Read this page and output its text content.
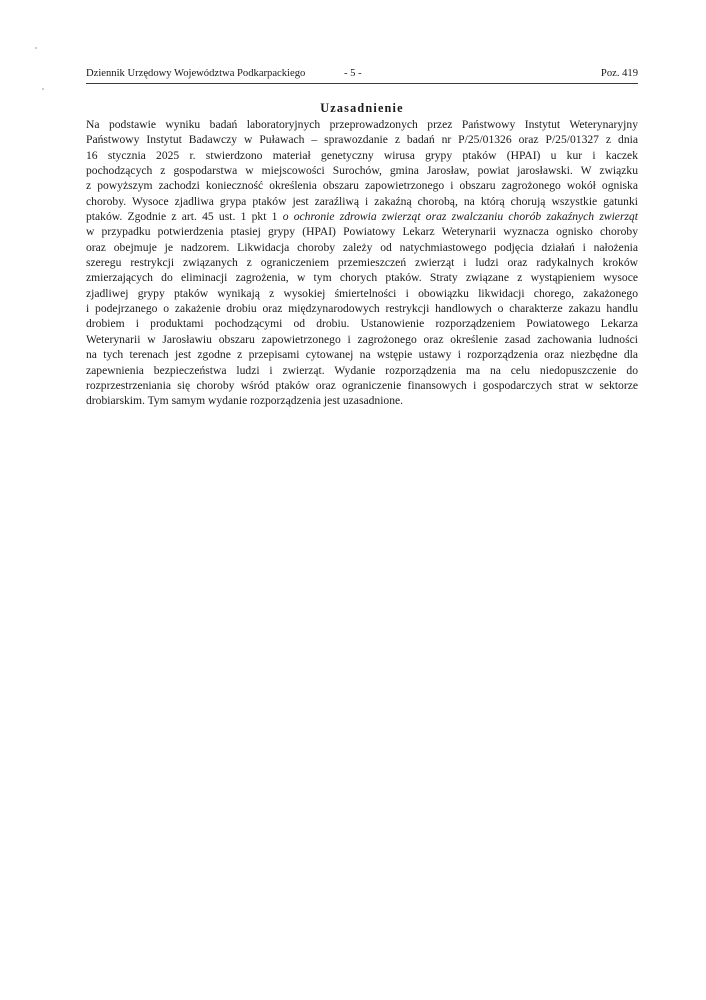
Dziennik Urzędowy Województwa Podkarpackiego	- 5 -	Poz. 419
Uzasadnienie
Na podstawie wyniku badań laboratoryjnych przeprowadzonych przez Państwowy Instytut Weterynaryjny
Państwowy Instytut Badawczy w Puławach – sprawozdanie z badań nr P/25/01326 oraz P/25/01327 z dnia
16 stycznia 2025 r. stwierdzono materiał genetyczny wirusa grypy ptaków (HPAI) u kur i kaczek
pochodzących z gospodarstwa w miejscowości Surochów, gmina Jarosław, powiat jarosławski. W związku
z powyższym zachodzi konieczność określenia obszaru zapowietrzonego i obszaru zagrożonego wokół ogniska
choroby. Wysoce zjadliwa grypa ptaków jest zaraźliwą i zakaźną chorobą, na którą chorują wszystkie gatunki
ptaków. Zgodnie z art. 45 ust. 1 pkt 1 o ochronie zdrowia zwierząt oraz zwalczaniu chorób zakaźnych zwierząt
w przypadku potwierdzenia ptasiej grypy (HPAI) Powiatowy Lekarz Weterynarii wyznacza ognisko choroby
oraz obejmuje je nadzorem. Likwidacja choroby zależy od natychmiastowego podjęcia działań i nałożenia
szeregu restrykcji związanych z ograniczeniem przemieszczeń zwierząt i ludzi oraz radykalnych kroków
zmierzających do eliminacji zagrożenia, w tym chorych ptaków. Straty związane z wystąpieniem wysoce
zjadliwej grypy ptaków wynikają z wysokiej śmiertelności i obowiązku likwidacji chorego, zakażonego
i podejrzanego o zakażenie drobiu oraz międzynarodowych restrykcji handlowych o charakterze zakazu handlu
drobiem i produktami pochodzącymi od drobiu. Ustanowienie rozporządzeniem Powiatowego Lekarza
Weterynarii w Jarosławiu obszaru zapowietrzonego i zagrożonego oraz określenie zasad zachowania ludności
na tych terenach jest zgodne z przepisami cytowanej na wstępie ustawy i rozporządzenia oraz niezbędne dla
zapewnienia bezpieczeństwa ludzi i zwierząt. Wydanie rozporządzenia ma na celu niedopuszczenie do
rozprzestrzeniania się choroby wśród ptaków oraz ograniczenie finansowych i gospodarczych strat w sektorze
drobiarskim. Tym samym wydanie rozporządzenia jest uzasadnione.
